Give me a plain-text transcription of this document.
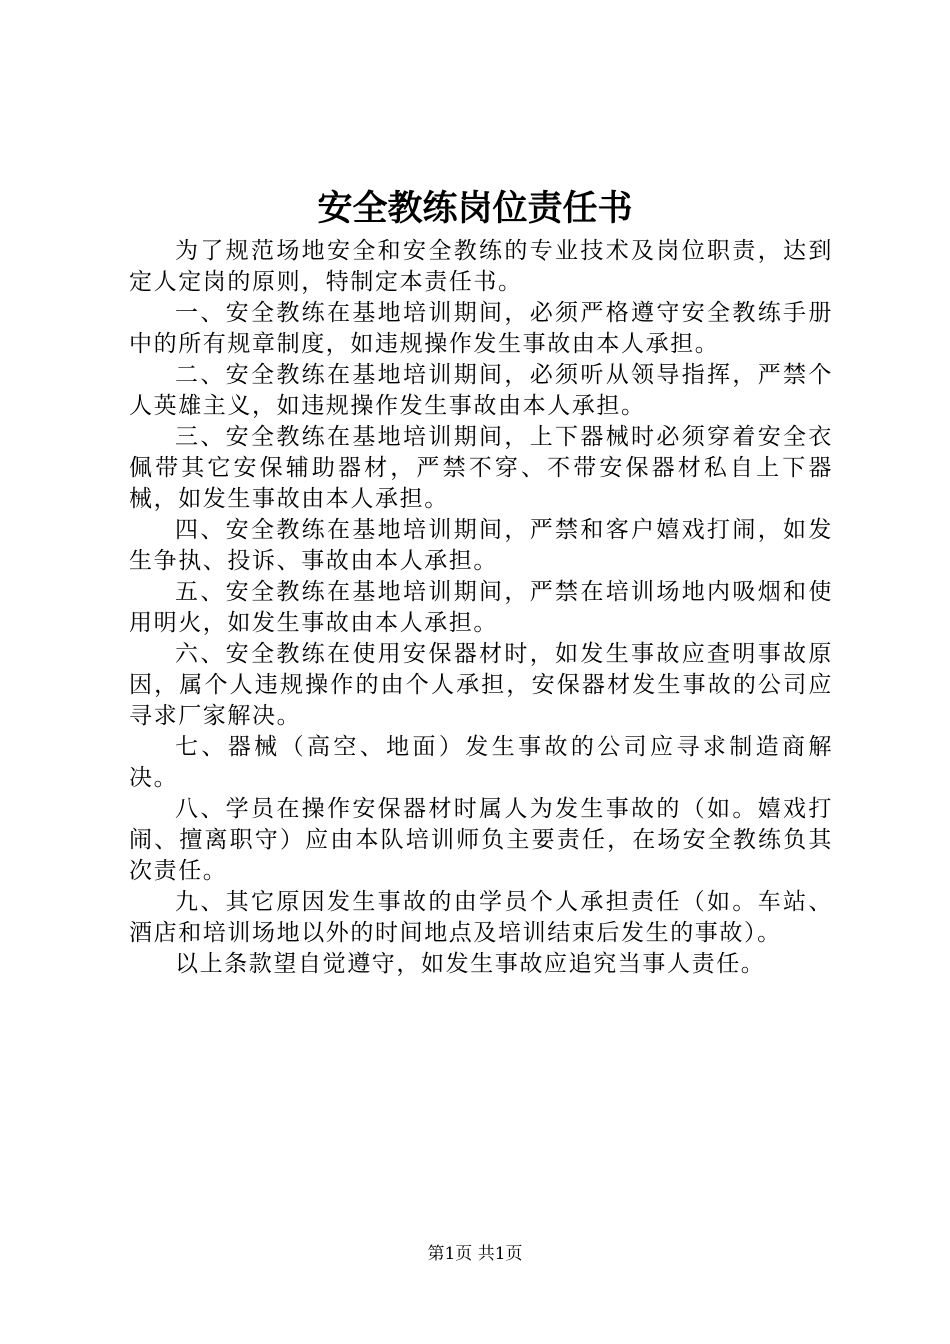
安全教练岗位责任书

为了规范场地安全和安全教练的专业技术及岗位职责，达到定人定岗的原则，特制定本责任书。

一、安全教练在基地培训期间，必须严格遵守安全教练手册中的所有规章制度，如违规操作发生事故由本人承担。

二、安全教练在基地培训期间，必须听从领导指挥，严禁个人英雄主义，如违规操作发生事故由本人承担。

三、安全教练在基地培训期间，上下器械时必须穿着安全衣佩带其它安保辅助器材，严禁不穿、不带安保器材私自上下器械，如发生事故由本人承担。

四、安全教练在基地培训期间，严禁和客户嬉戏打闹，如发生争执、投诉、事故由本人承担。

五、安全教练在基地培训期间，严禁在培训场地内吸烟和使用明火，如发生事故由本人承担。

六、安全教练在使用安保器材时，如发生事故应查明事故原因，属个人违规操作的由个人承担，安保器材发生事故的公司应寻求厂家解决。

七、器械（高空、地面）发生事故的公司应寻求制造商解决。

八、学员在操作安保器材时属人为发生事故的（如。嬉戏打闹、擅离职守）应由本队培训师负主要责任，在场安全教练负其次责任。

九、其它原因发生事故的由学员个人承担责任（如。车站、酒店和培训场地以外的时间地点及培训结束后发生的事故）。

以上条款望自觉遵守，如发生事故应追究当事人责任。

第1页 共1页
